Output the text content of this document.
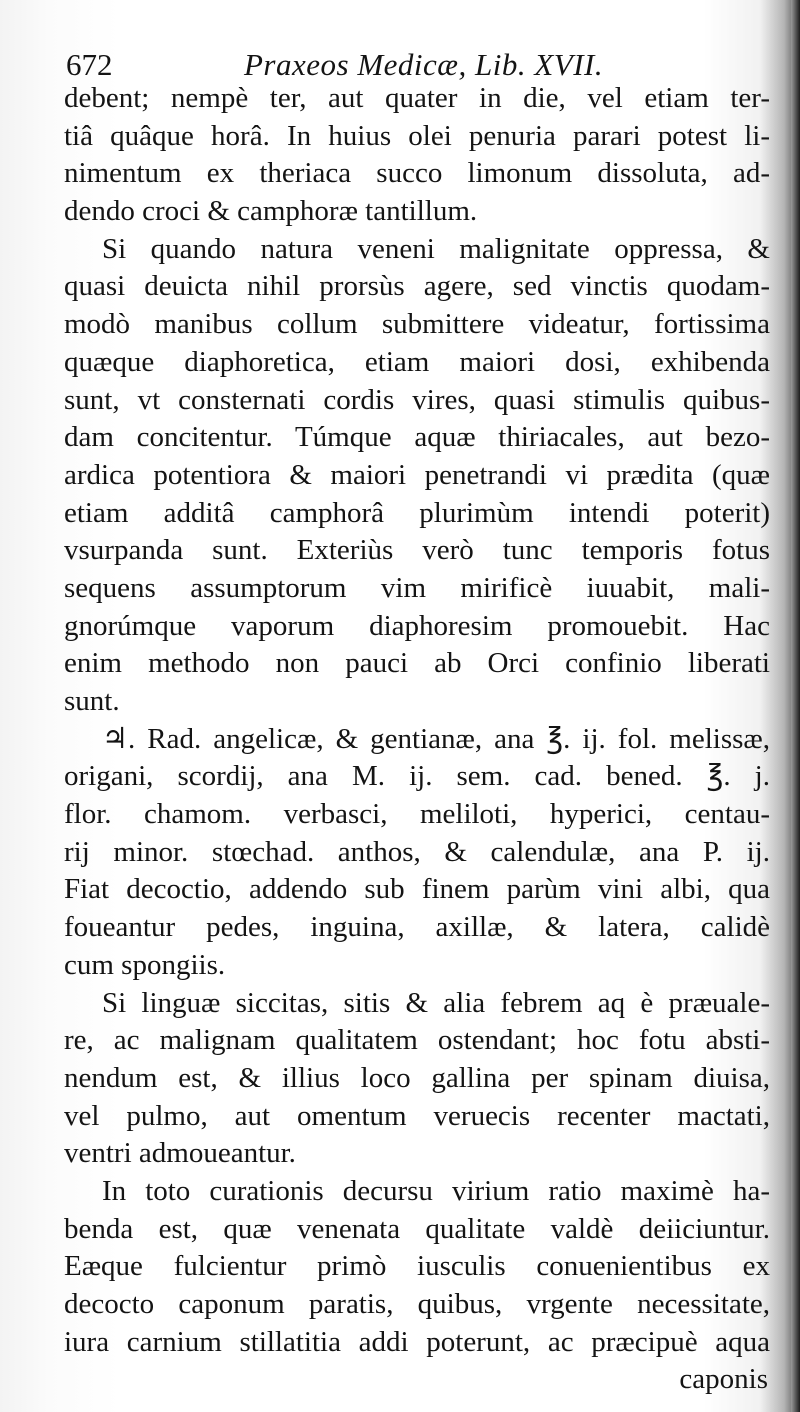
672	Praxeos Medicæ, Lib. XVII.
debent; nempè ter, aut quater in die, vel etiam ter-
tiâ quâque horâ. In huius olei penuria parari potest li-
nimentum ex theriaca succo limonum dissoluta, ad-
dendo croci & camphoræ tantillum.
Si quando natura veneni malignitate oppressa, &
quasi deuicta nihil prorsùs agere, sed vinctis quodam-
modò manibus collum submittere videatur, fortissima
quæque diaphoretica, etiam maiori dosi, exhibenda
sunt, vt consternati cordis vires, quasi stimulis quibus-
dam concitentur. Túmque aquæ thiriacales, aut bezo-
ardica potentiora & maiori penetrandi vi prædita (quæ
etiam additâ camphorâ plurimùm intendi poterit)
vsurpanda sunt. Exteriùs verò tunc temporis fotus
sequens assumptorum vim mirificè iuuabit, mali-
gnorúmque vaporum diaphoresim promouebit. Hac
enim methodo non pauci ab Orci confinio liberati
sunt.
♃. Rad. angelicæ, & gentianæ, ana ℥. ij. fol. melissæ,
origani, scordij, ana M. ij. sem. cad. bened. ℥. j.
flor. chamom. verbasci, meliloti, hyperici, centau-
rij minor. stœchad. anthos, & calendulæ, ana P. ij.
Fiat decoctio, addendo sub finem parùm vini albi, qua
foueantur pedes, inguina, axillæ, & latera, calidè
cum spongiis.
Si linguæ siccitas, sitis & alia febrem aq è præuale-
re, ac malignam qualitatem ostendant; hoc fotu absti-
nendum est, & illius loco gallina per spinam diuisa,
vel pulmo, aut omentum veruecis recenter mactati,
ventri admoueantur.
In toto curationis decursu virium ratio maximè ha-
benda est, quæ venenata qualitate valdè deiiciuntur.
Eæque fulcientur primò iusculis conuenientibus ex
decocto caponum paratis, quibus, vrgente necessitate,
iura carnium stillatitia addi poterunt, ac præcipuè aqua
caponis
